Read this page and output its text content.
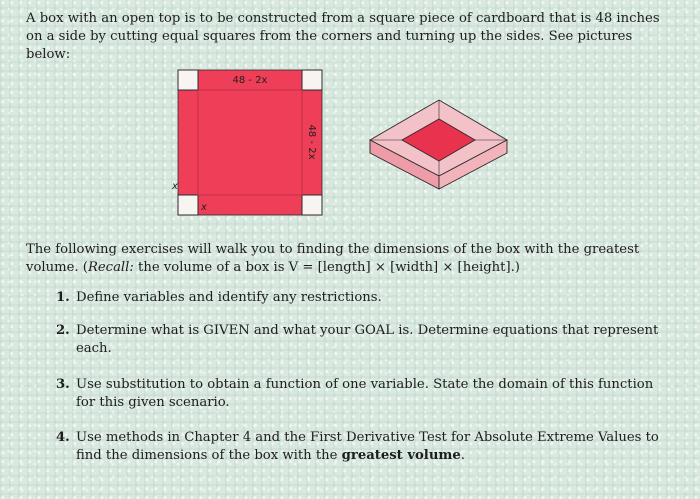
A box with an open top is to be constructed from a square piece of cardboard that is 48 inches
on a side by cutting equal squares from the corners and turning up the sides. See pictures below:
48 - 2x
48 - 2x
x
x
The following exercises will walk you to finding the dimensions of the box with the greatest
volume. (Recall: the volume of a box is V = [length] × [width] × [height].)
1. Define variables and identify any restrictions.
2. Determine what is GIVEN and what your GOAL is. Determine equations that represent
each.
3. Use substitution to obtain a function of one variable. State the domain of this function
for this given scenario.
4. Use methods in Chapter 4 and the First Derivative Test for Absolute Extreme Values to
find the dimensions of the box with the greatest volume.
